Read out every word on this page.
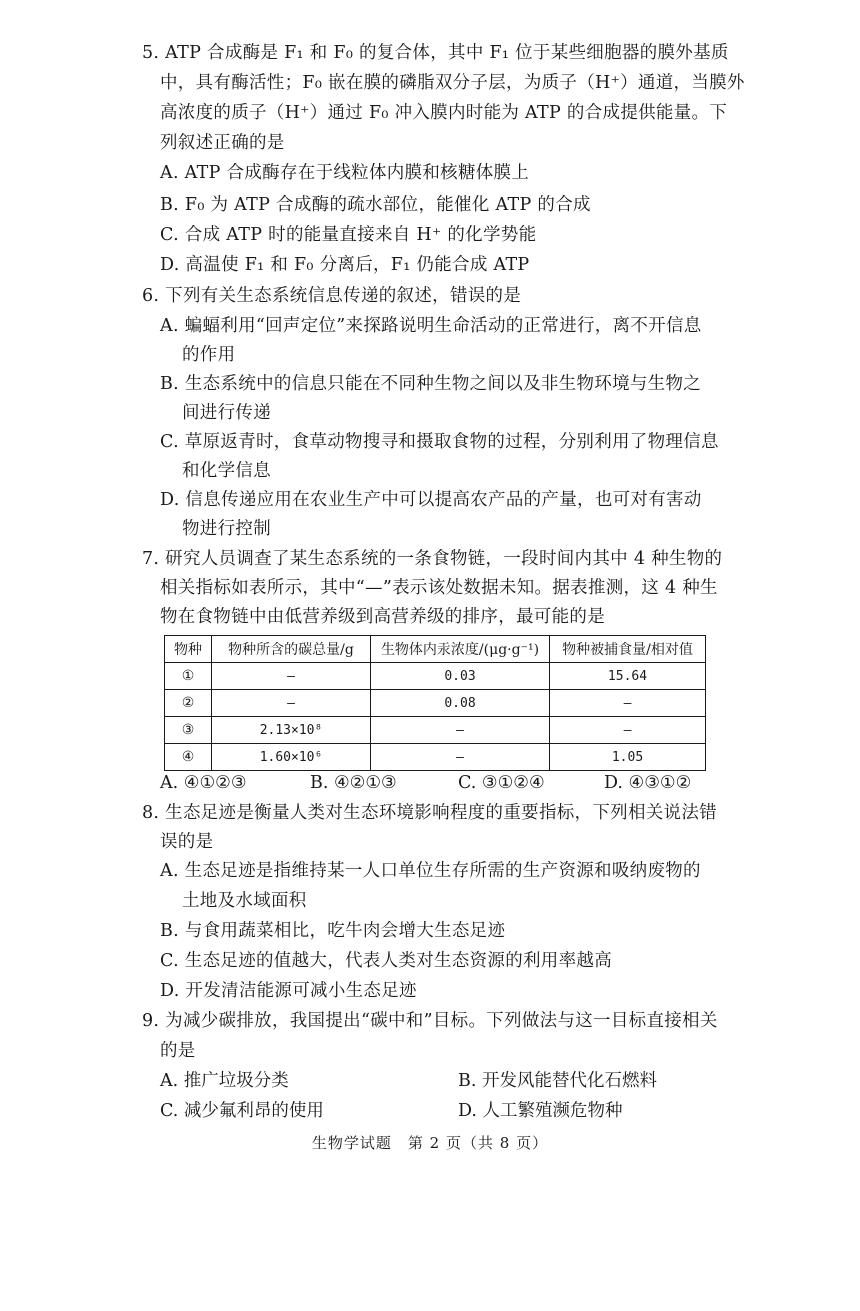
5. ATP 合成酶是 F₁ 和 F₀ 的复合体，其中 F₁ 位于某些细胞器的膜外基质
中，具有酶活性；F₀ 嵌在膜的磷脂双分子层，为质子（H⁺）通道，当膜外
高浓度的质子（H⁺）通过 F₀ 冲入膜内时能为 ATP 的合成提供能量。下
列叙述正确的是
A. ATP 合成酶存在于线粒体内膜和核糖体膜上
B. F₀ 为 ATP 合成酶的疏水部位，能催化 ATP 的合成
C. 合成 ATP 时的能量直接来自 H⁺ 的化学势能
D. 高温使 F₁ 和 F₀ 分离后，F₁ 仍能合成 ATP
6. 下列有关生态系统信息传递的叙述，错误的是
A. 蝙蝠利用“回声定位”来探路说明生命活动的正常进行，离不开信息
的作用
B. 生态系统中的信息只能在不同种生物之间以及非生物环境与生物之
间进行传递
C. 草原返青时，食草动物搜寻和摄取食物的过程，分别利用了物理信息
和化学信息
D. 信息传递应用在农业生产中可以提高农产品的产量，也可对有害动
物进行控制
7. 研究人员调查了某生态系统的一条食物链，一段时间内其中 4 种生物的
相关指标如表所示，其中“—”表示该处数据未知。据表推测，这 4 种生
物在食物链中由低营养级到高营养级的排序，最可能的是
物种	物种所含的碳总量/g	生物体内汞浓度/(μg·g⁻¹)	物种被捕食量/相对值
①	—	0.03	15.64
②	—	0.08	—
③	2.13×10⁸	—	—
④	1.60×10⁶	—	1.05
A. ④①②③	B. ④②①③	C. ③①②④	D. ④③①②
8. 生态足迹是衡量人类对生态环境影响程度的重要指标，下列相关说法错
误的是
A. 生态足迹是指维持某一人口单位生存所需的生产资源和吸纳废物的
土地及水域面积
B. 与食用蔬菜相比，吃牛肉会增大生态足迹
C. 生态足迹的值越大，代表人类对生态资源的利用率越高
D. 开发清洁能源可减小生态足迹
9. 为减少碳排放，我国提出“碳中和”目标。下列做法与这一目标直接相关
的是
A. 推广垃圾分类	B. 开发风能替代化石燃料
C. 减少氟利昂的使用	D. 人工繁殖濒危物种
生物学试题　第 2 页（共 8 页）
